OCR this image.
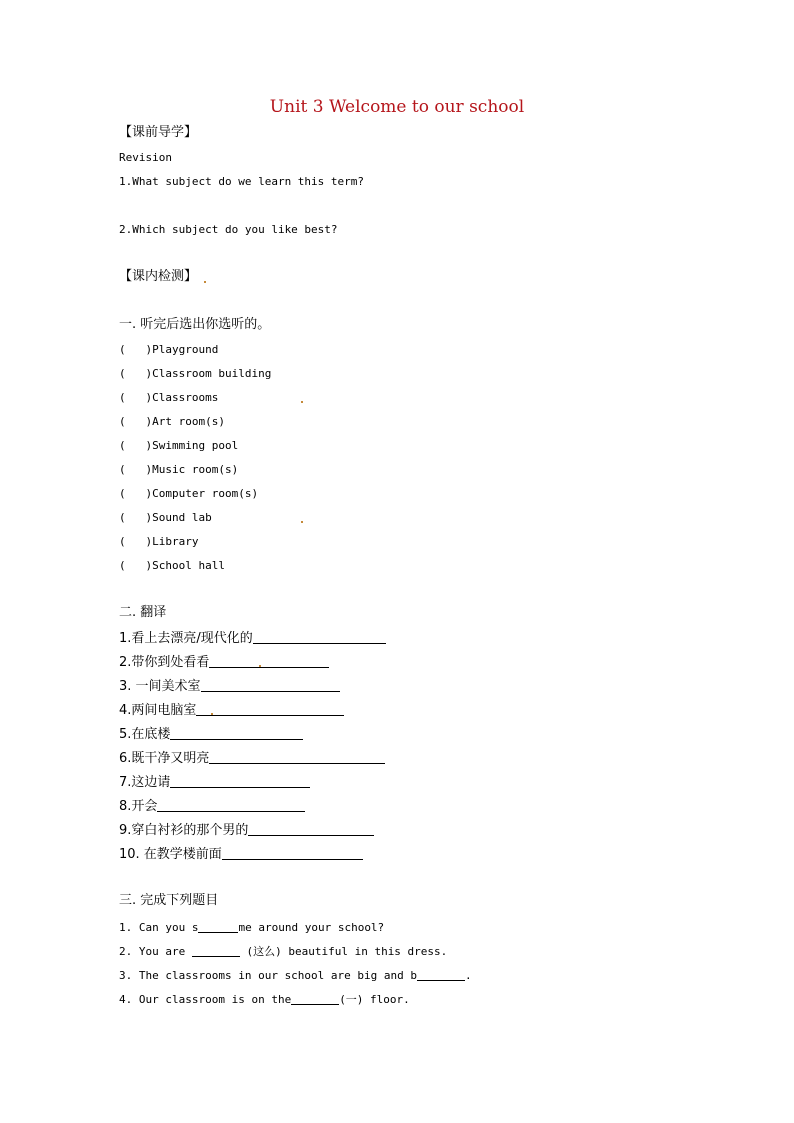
Unit 3 Welcome to our school
【课前导学】
Revision
1.What subject do we learn this term?
2.Which subject do you like best?
【课内检测】
一. 听完后选出你选听的。
(   )Playground
(   )Classroom building
(   )Classrooms
(   )Art room(s)
(   )Swimming pool
(   )Music room(s)
(   )Computer room(s)
(   )Sound lab
(   )Library
(   )School hall
二. 翻译
1.看上去漂亮/现代化的
2.带你到处看看
3. 一间美术室
4.两间电脑室
5.在底楼
6.既干净又明亮
7.这边请
8.开会
9.穿白衬衫的那个男的
10. 在教学楼前面
三. 完成下列题目
1. Can you s	me around your school?
2. You are	(这么) beautiful in this dress.
3. The classrooms in our school are big and b	.
4. Our classroom is on the	(一) floor.
